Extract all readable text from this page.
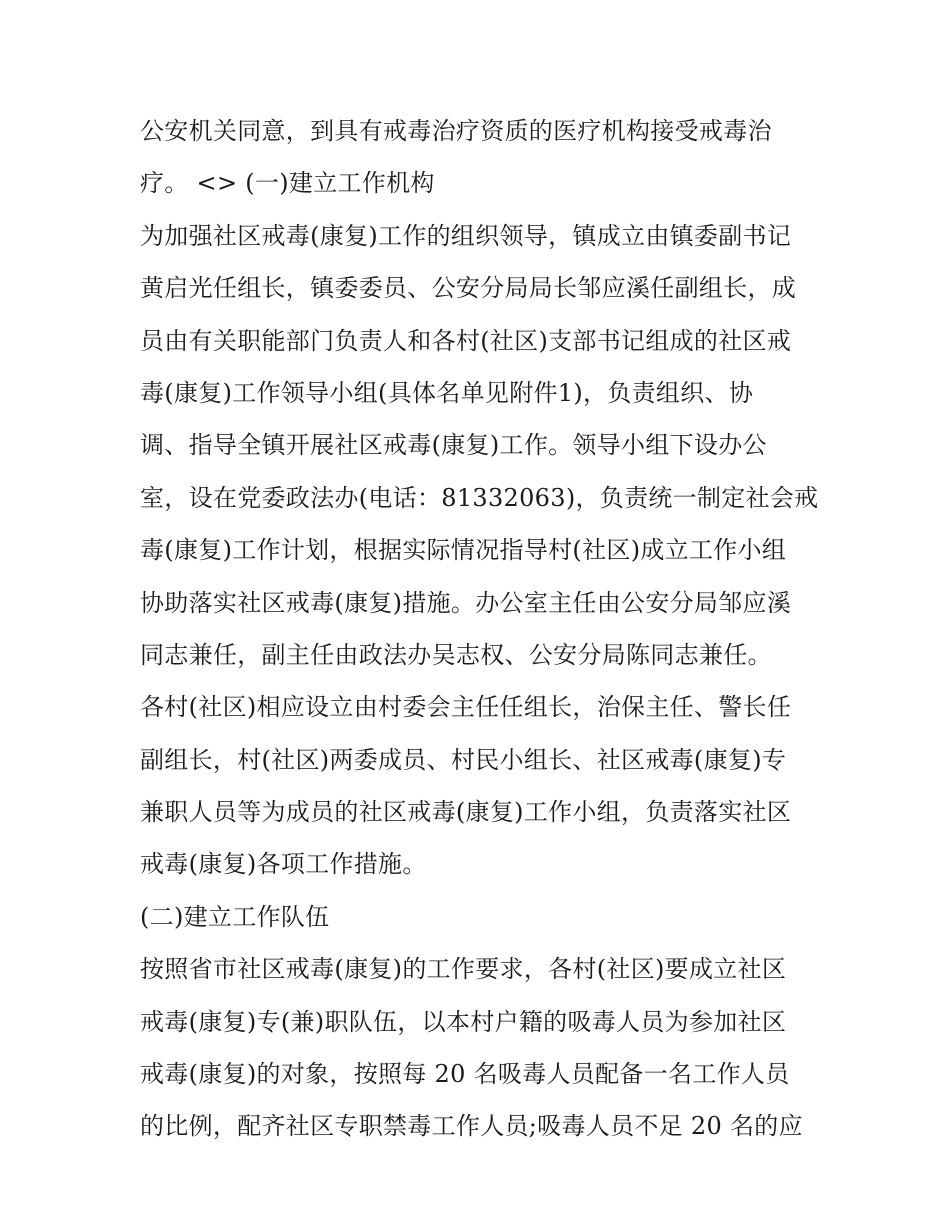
公安机关同意，到具有戒毒治疗资质的医疗机构接受戒毒治
疗。 <> (一)建立工作机构
为加强社区戒毒(康复)工作的组织领导，镇成立由镇委副书记
黄启光任组长，镇委委员、公安分局局长邹应溪任副组长，成
员由有关职能部门负责人和各村(社区)支部书记组成的社区戒
毒(康复)工作领导小组(具体名单见附件1)，负责组织、协
调、指导全镇开展社区戒毒(康复)工作。领导小组下设办公
室，设在党委政法办(电话：81332063)，负责统一制定社会戒
毒(康复)工作计划，根据实际情况指导村(社区)成立工作小组
协助落实社区戒毒(康复)措施。办公室主任由公安分局邹应溪
同志兼任，副主任由政法办吴志权、公安分局陈同志兼任。
各村(社区)相应设立由村委会主任任组长，治保主任、警长任
副组长，村(社区)两委成员、村民小组长、社区戒毒(康复)专
兼职人员等为成员的社区戒毒(康复)工作小组，负责落实社区
戒毒(康复)各项工作措施。
(二)建立工作队伍
按照省市社区戒毒(康复)的工作要求，各村(社区)要成立社区
戒毒(康复)专(兼)职队伍，以本村户籍的吸毒人员为参加社区
戒毒(康复)的对象，按照每 20 名吸毒人员配备一名工作人员
的比例，配齐社区专职禁毒工作人员;吸毒人员不足 20 名的应
